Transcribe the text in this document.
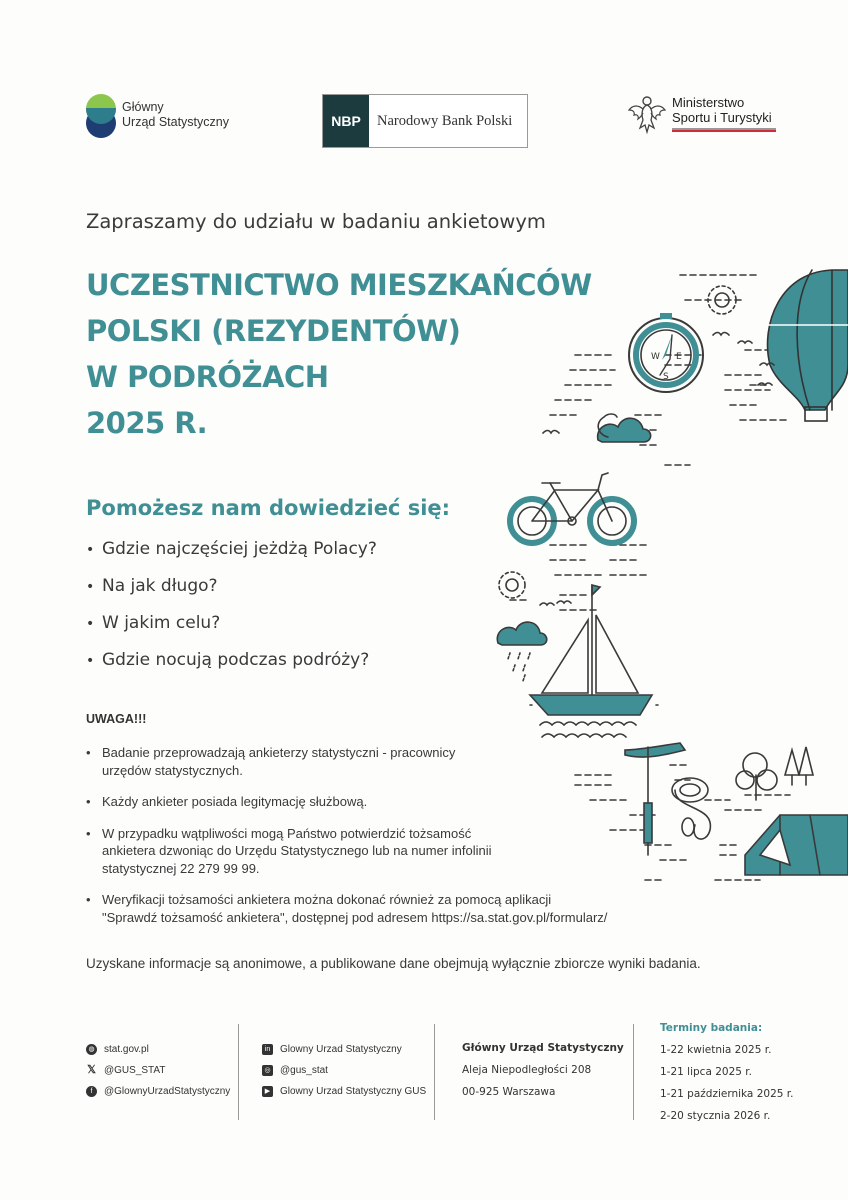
Główny
Urząd Statystyczny	NBP	Narodowy Bank Polski
Ministerstwo
Sportu i Turystyki
Zapraszamy do udziału w badaniu ankietowym
UCZESTNICTWO MIESZKAŃCÓW
POLSKI (REZYDENTÓW)
W PODRÓŻACH
2025 R.
Pomożesz nam dowiedzieć się:
• Gdzie najczęściej jeżdżą Polacy?
• Na jak długo?
• W jakim celu?
• Gdzie nocują podczas podróży?
UWAGA!!!
• Badanie przeprowadzają ankieterzy statystyczni - pracownicy
urzędów statystycznych.
• Każdy ankieter posiada legitymację służbową.
• W przypadku wątpliwości mogą Państwo potwierdzić tożsamość
ankietera dzwoniąc do Urzędu Statystycznego lub na numer infolinii
statystycznej 22 279 99 99.
• Weryfikacji tożsamości ankietera można dokonać również za pomocą aplikacji
"Sprawdź tożsamość ankietera", dostępnej pod adresem https://sa.stat.gov.pl/formularz/
Uzyskane informacje są anonimowe, a publikowane dane obejmują wyłącznie zbiorcze wyniki badania.
W E
S
◍ stat.gov.pl
𝕏 @GUS_STAT
f @GlownyUrzadStatystyczny
in Glowny Urzad Statystyczny
◎ @gus_stat
▶ Glowny Urzad Statystyczny GUS
Główny Urząd Statystyczny
Aleja Niepodległości 208
00-925 Warszawa
Terminy badania:
1-22 kwietnia 2025 r.
1-21 lipca 2025 r.
1-21 października 2025 r.
2-20 stycznia 2026 r.
